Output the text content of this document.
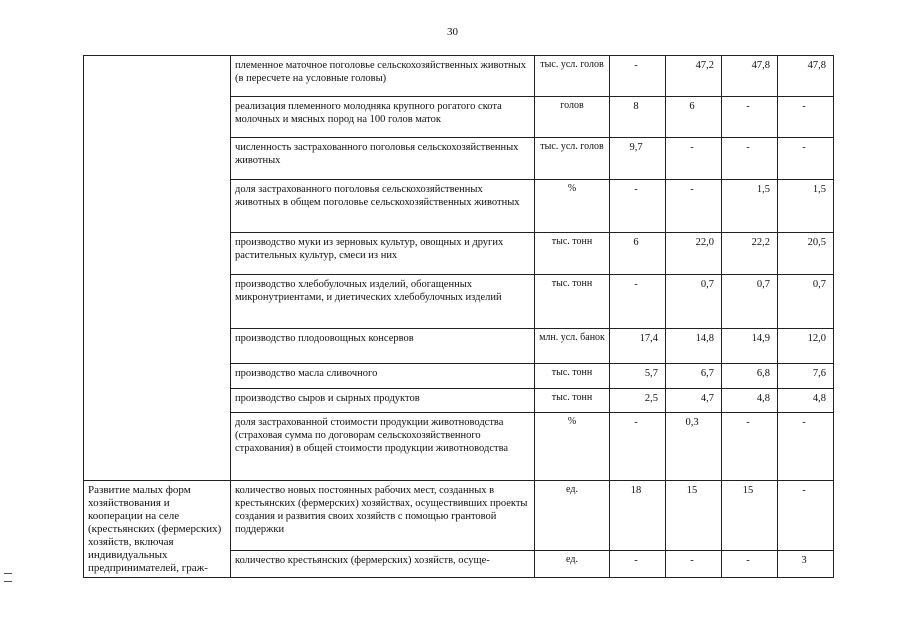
30
	племенное маточное поголовье сельскохозяйственных животных (в пересчете на условные головы)	тыс. усл. голов	-	47,2	47,8	47,8
	реализация племенного молодняка крупного рогатого скота молочных и мясных пород на 100 голов маток	голов	8	6	-	-
	численность застрахованного поголовья сельскохозяйственных животных	тыс. усл. голов	9,7	-	-	-
	доля застрахованного поголовья сельскохозяйственных животных в общем поголовье сельскохозяйственных животных	%	-	-	1,5	1,5
	производство муки из зерновых культур, овощных и других растительных культур, смеси из них	тыс. тонн	6	22,0	22,2	20,5
	производство хлебобулочных изделий, обогащенных микронутриентами, и диетических хлебобулочных изделий	тыс. тонн	-	0,7	0,7	0,7
	производство плодоовощных консервов	млн. усл. банок	17,4	14,8	14,9	12,0
	производство масла сливочного	тыс. тонн	5,7	6,7	6,8	7,6
	производство сыров и сырных продуктов	тыс. тонн	2,5	4,7	4,8	4,8
	доля застрахованной стоимости продукции животноводства (страховая сумма по договорам сельскохозяйственного страхования) в общей стоимости продукции животноводства	%	-	0,3	-	-
Развитие малых форм хозяйствования и кооперации на селе (крестьянских (фермерских) хозяйств, включая индивидуальных предпринимателей, граж-	количество новых постоянных рабочих мест, созданных в крестьянских (фермерских) хозяйствах, осуществивших проекты создания и развития своих хозяйств с помощью грантовой поддержки	ед.	18	15	15	-
	количество крестьянских (фермерских) хозяйств, осуще-	ед.	-	-	-	3
